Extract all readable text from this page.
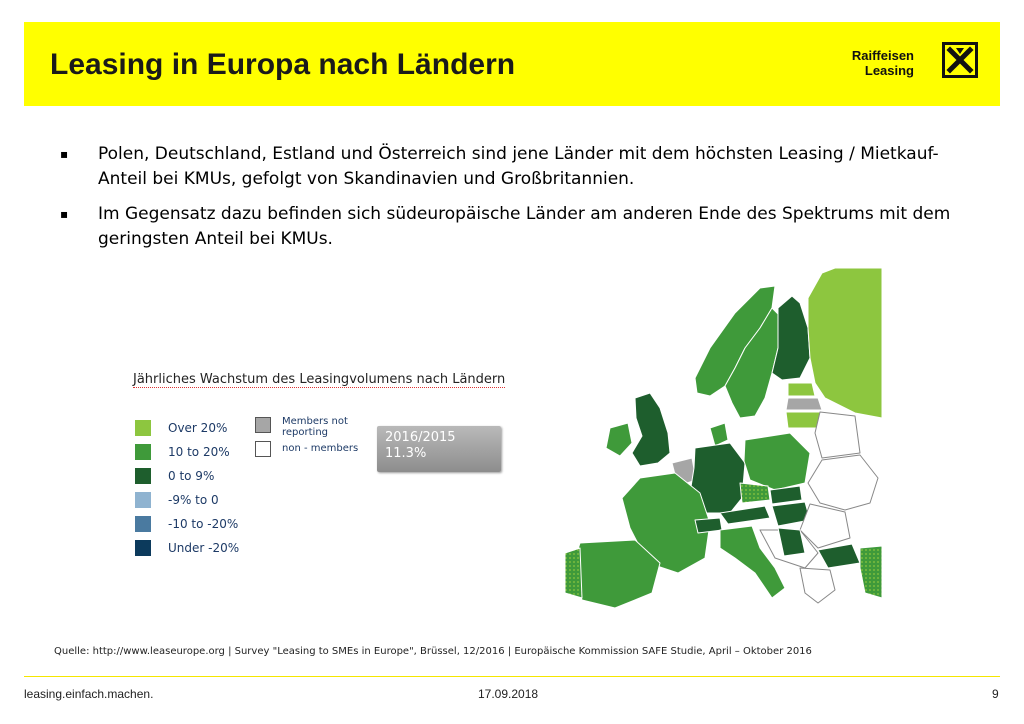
Leasing in Europa nach Ländern	Raiffeisen
Leasing
▪ Polen, Deutschland, Estland und Österreich sind jene Länder mit dem höchsten Leasing / Mietkauf-Anteil bei KMUs, gefolgt von Skandinavien und Großbritannien.
▪ Im Gegensatz dazu befinden sich südeuropäische Länder am anderen Ende des Spektrums mit dem geringsten Anteil bei KMUs.
Jährliches Wachstum des Leasingvolumens nach Ländern
Over 20%
10 to 20%
0 to 9%
-9% to 0
-10 to -20%
Under -20%
Members not reporting
non - members
2016/2015
11.3%
Quelle: http://www.leaseurope.org | Survey "Leasing to SMEs in Europe", Brüssel, 12/2016 | Europäische Kommission SAFE Studie, April – Oktober 2016
leasing.einfach.machen.	17.09.2018	9
